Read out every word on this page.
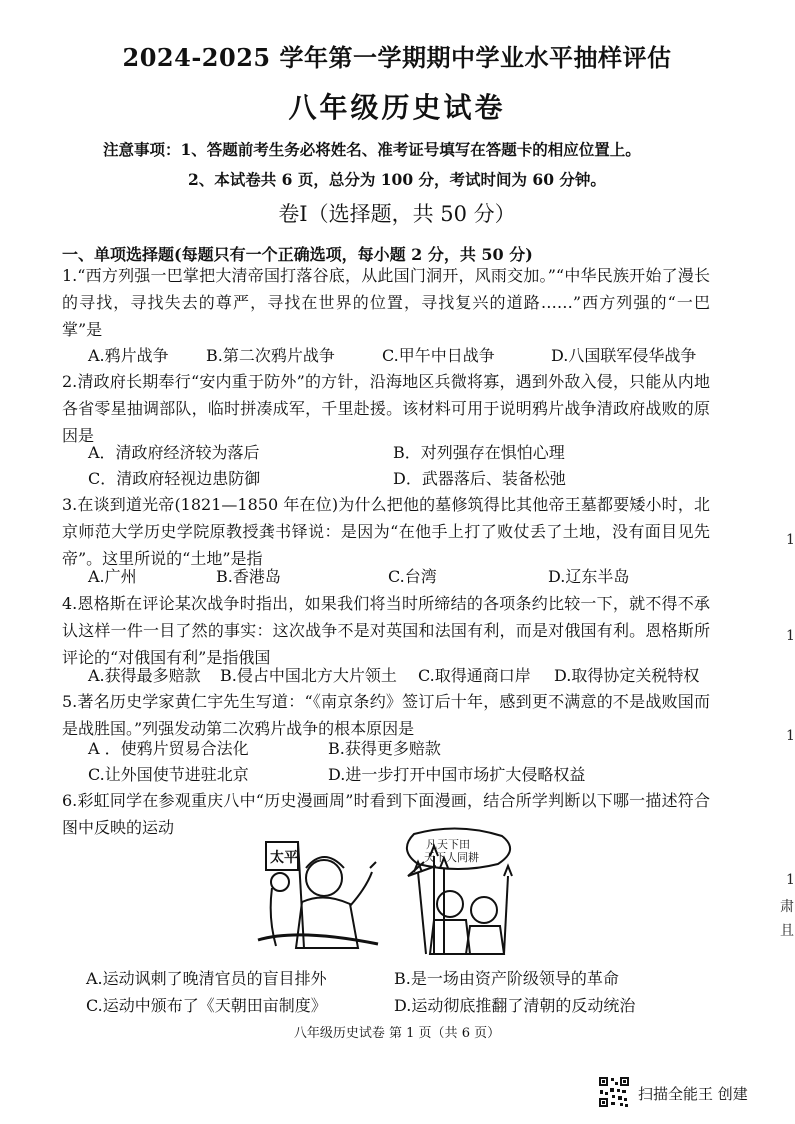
2024-2025 学年第一学期期中学业水平抽样评估
八年级历史试卷
注意事项：1、答题前考生务必将姓名、准考证号填写在答题卡的相应位置上。
2、本试卷共 6 页，总分为 100 分，考试时间为 60 分钟。
卷Ⅰ（选择题，共 50 分）
一、单项选择题(每题只有一个正确选项，每小题 2 分，共 50 分)
1.“西方列强一巴掌把大清帝国打落谷底，从此国门洞开，风雨交加。”“中华民族开始了漫长的寻找，寻找失去的尊严，寻找在世界的位置，寻找复兴的道路……”西方列强的“一巴掌”是
A.鸦片战争 B.第二次鸦片战争	C.甲午中日战争	D.八国联军侵华战争
2.清政府长期奉行“安内重于防外”的方针，沿海地区兵微将寡，遇到外敌入侵，只能从内地各省零星抽调部队，临时拼凑成军，千里赴援。该材料可用于说明鸦片战争清政府战败的原因是
A．清政府经济较为落后	B．对列强存在惧怕心理
C．清政府轻视边患防御	D．武器落后、装备松弛
3.在谈到道光帝(1821—1850 年在位)为什么把他的墓修筑得比其他帝王墓都要矮小时，北京师范大学历史学院原教授龚书铎说：是因为“在他手上打了败仗丢了土地，没有面目见先帝”。这里所说的“土地”是指
A.广州	B.香港岛	C.台湾	D.辽东半岛
4.恩格斯在评论某次战争时指出，如果我们将当时所缔结的各项条约比较一下，就不得不承认这样一件一目了然的事实：这次战争不是对英国和法国有利，而是对俄国有利。恩格斯所评论的“对俄国有利”是指俄国
A.获得最多赔款 B.侵占中国北方大片领土 C.取得通商口岸 D.取得协定关税特权
5.著名历史学家黄仁宇先生写道：“《南京条约》签订后十年，感到更不满意的不是战败国而是战胜国。”列强发动第二次鸦片战争的根本原因是
A ．使鸦片贸易合法化	B.获得更多赔款
C.让外国使节进驻北京	D.进一步打开中国市场扩大侵略权益
6.彩虹同学在参观重庆八中“历史漫画周”时看到下面漫画，结合所学判断以下哪一描述符合图中反映的运动
太平
凡天下田
天下人同耕
A.运动讽刺了晚清官员的盲目排外	B.是一场由资产阶级领导的革命
C.运动中颁布了《天朝田亩制度》	D.运动彻底推翻了清朝的反动统治
八年级历史试卷 第 1 页（共 6 页）
1
1
1
1
肃
且
扫描全能王 创建
